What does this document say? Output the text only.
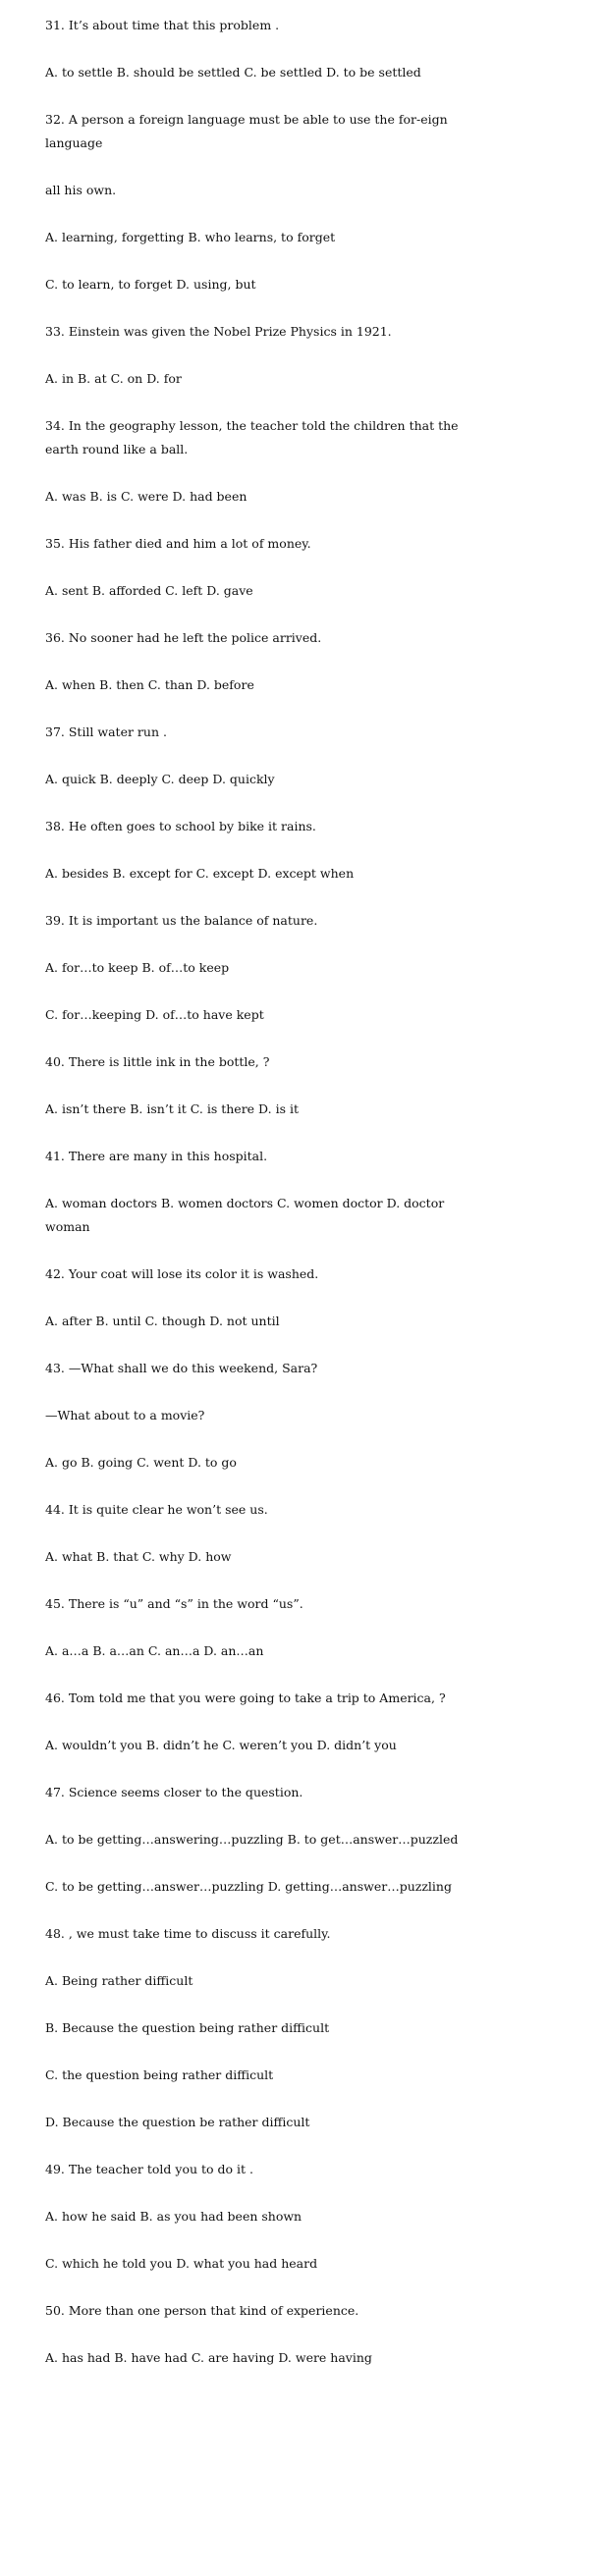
31. It’s about time that this problem .

A. to settle B. should be settled C. be settled D. to be settled

32. A person a foreign language must be able to use the for-eign language

all his own.

A. learning, forgetting B. who learns, to forget

C. to learn, to forget D. using, but

33. Einstein was given the Nobel Prize Physics in 1921.

A. in B. at C. on D. for

34. In the geography lesson, the teacher told the children that the earth round like a ball.

A. was B. is C. were D. had been

35. His father died and him a lot of money.

A. sent B. afforded C. left D. gave

36. No sooner had he left the police arrived.

A. when B. then C. than D. before

37. Still water run .

A. quick B. deeply C. deep D. quickly

38. He often goes to school by bike it rains.

A. besides B. except for C. except D. except when

39. It is important us the balance of nature.

A. for…to keep B. of…to keep

C. for…keeping D. of…to have kept

40. There is little ink in the bottle, ?

A. isn’t there B. isn’t it C. is there D. is it

41. There are many in this hospital.

A. woman doctors B. women doctors C. women doctor D. doctor woman

42. Your coat will lose its color it is washed.

A. after B. until C. though D. not until

43. —What shall we do this weekend, Sara?

—What about to a movie?

A. go B. going C. went D. to go

44. It is quite clear he won’t see us.

A. what B. that C. why D. how

45. There is “u” and “s” in the word “us”.

A. a…a B. a…an C. an…a D. an…an

46. Tom told me that you were going to take a trip to America, ?

A. wouldn’t you B. didn’t he C. weren’t you D. didn’t you

47. Science seems closer to the question.

A. to be getting…answering…puzzling B. to get…answer…puzzled

C. to be getting…answer…puzzling D. getting…answer…puzzling

48. , we must take time to discuss it carefully.

A. Being rather difficult

B. Because the question being rather difficult

C. the question being rather difficult

D. Because the question be rather difficult

49. The teacher told you to do it .

A. how he said B. as you had been shown

C. which he told you D. what you had heard

50. More than one person that kind of experience.

A. has had B. have had C. are having D. were having
